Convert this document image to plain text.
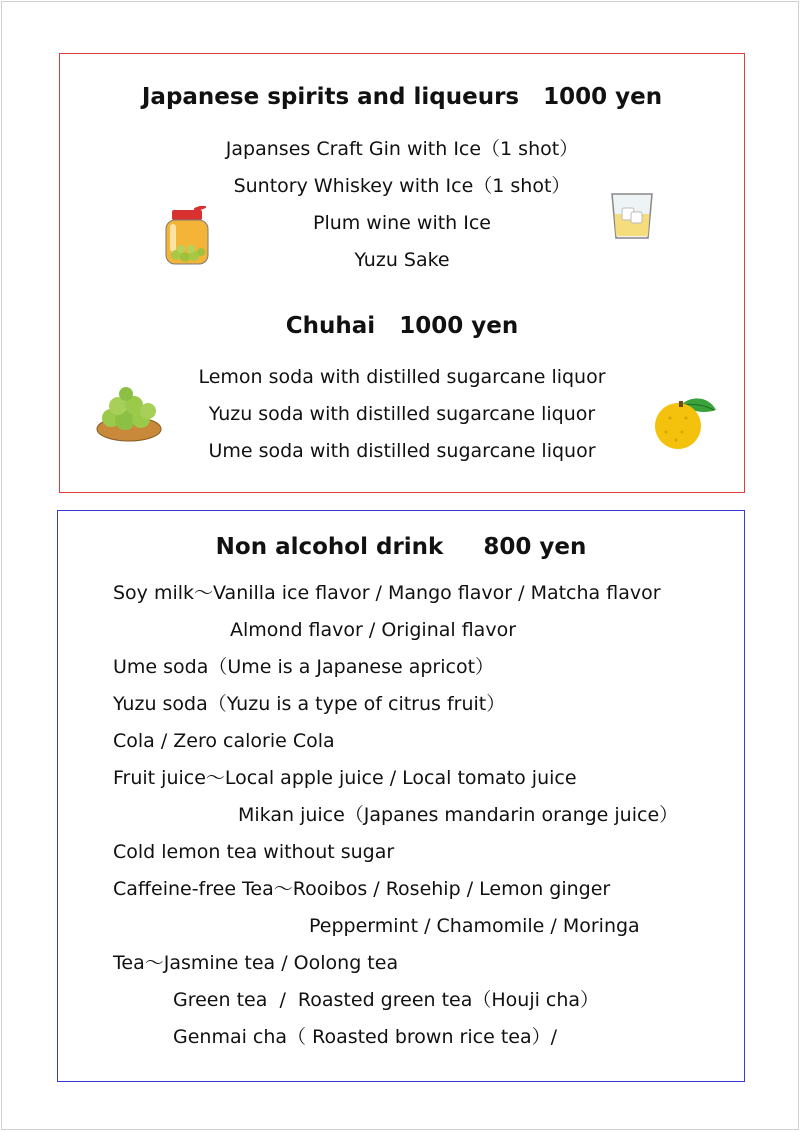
Japanese spirits and liqueurs   1000 yen
Japanses Craft Gin with Ice（1 shot）
Suntory Whiskey with Ice（1 shot）
Plum wine with Ice
Yuzu Sake
Chuhai   1000 yen
Lemon soda with distilled sugarcane liquor
Yuzu soda with distilled sugarcane liquor
Ume soda with distilled sugarcane liquor
Non alcohol drink     800 yen
Soy milk～Vanilla ice flavor / Mango flavor / Matcha flavor
Almond flavor / Original flavor
Ume soda（Ume is a Japanese apricot）
Yuzu soda（Yuzu is a type of citrus fruit）
Cola / Zero calorie Cola
Fruit juice～Local apple juice / Local tomato juice
Mikan juice（Japanes mandarin orange juice）
Cold lemon tea without sugar
Caffeine-free Tea～Rooibos / Rosehip / Lemon ginger
Peppermint / Chamomile / Moringa
Tea～Jasmine tea / Oolong tea
Green tea  /  Roasted green tea（Houji cha）
Genmai cha（ Roasted brown rice tea）/
